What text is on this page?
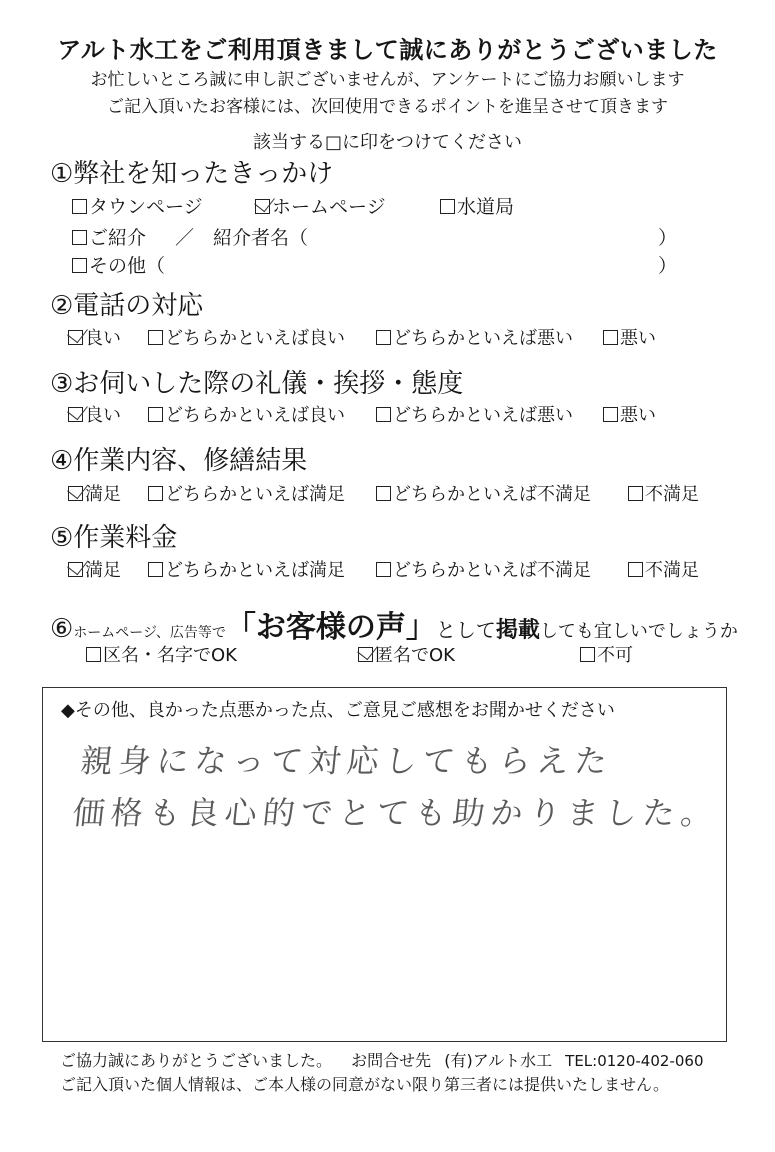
アルト水工をご利用頂きまして誠にありがとうございました
お忙しいところ誠に申し訳ございませんが、アンケートにご協力お願いします
ご記入頂いたお客様には、次回使用できるポイントを進呈させて頂きます
該当する□に印をつけてください
①弊社を知ったきっかけ
タウンページ	ホームページ	水道局
ご紹介 ／　紹介者名（	）
その他（	）
②電話の対応
良い	どちらかといえば良い	どちらかといえば悪い	悪い
③お伺いした際の礼儀・挨拶・態度
良い	どちらかといえば良い	どちらかといえば悪い	悪い
④作業内容、修繕結果
満足	どちらかといえば満足	どちらかといえば不満足	不満足
⑤作業料金
満足	どちらかといえば満足	どちらかといえば不満足	不満足
⑥ホームページ、広告等で「お客様の声」として掲載しても宜しいでしょうか
区名・名字でOK	匿名でOK	不可
◆その他、良かった点悪かった点、ご意見ご感想をお聞かせください
親身になって対応してもらえた
価格も良心的でとても助かりました。
ご協力誠にありがとうございました。 お問合せ先 (有)アルト水工 TEL:0120-402-060
ご記入頂いた個人情報は、ご本人様の同意がない限り第三者には提供いたしません。
